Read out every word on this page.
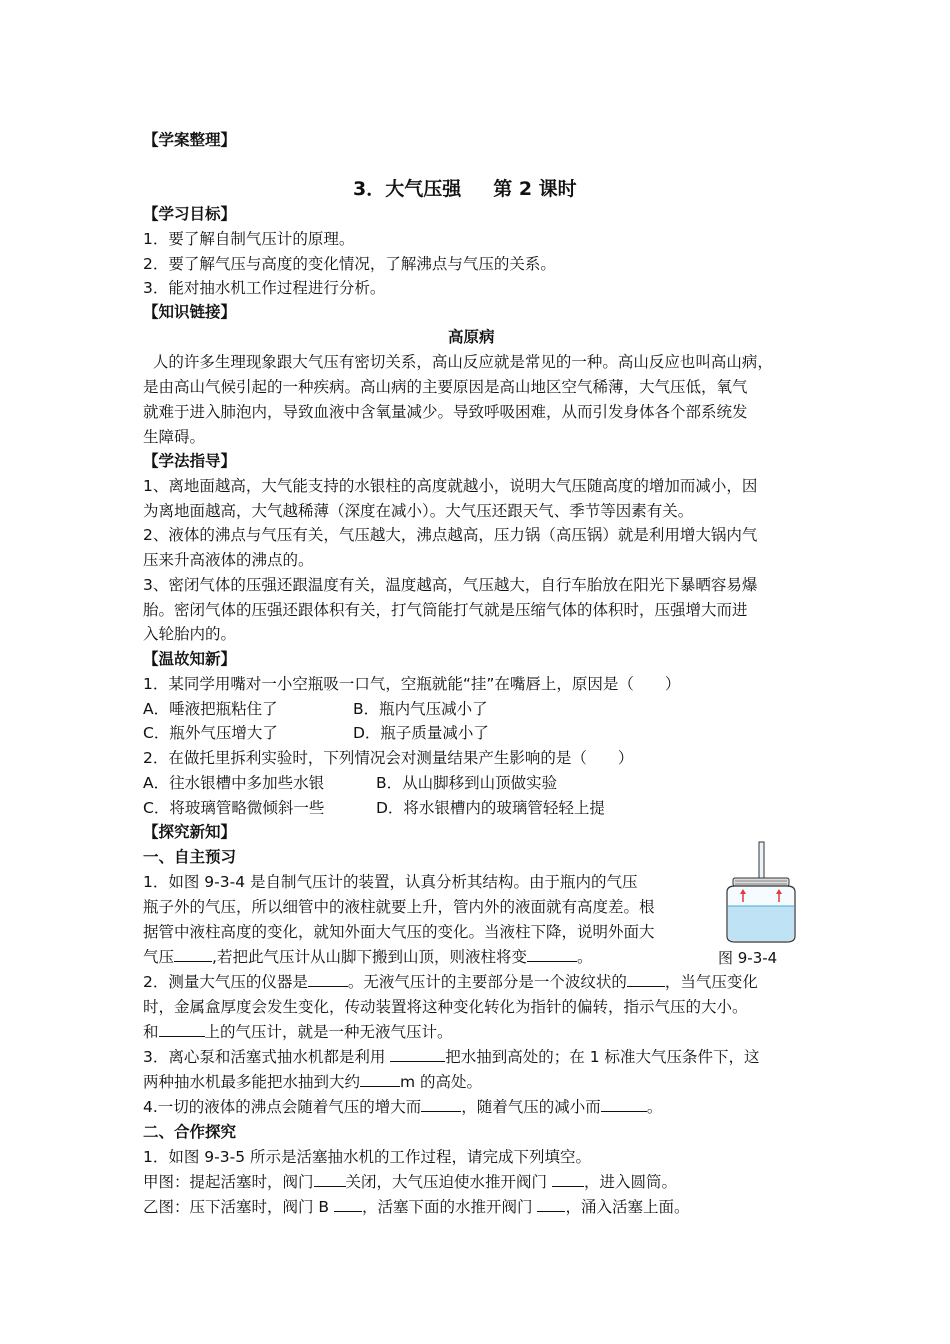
【学案整理】
3．大气压强 第 2 课时
【学习目标】
1．要了解自制气压计的原理。
2．要了解气压与高度的变化情况，了解沸点与气压的关系。
3．能对抽水机工作过程进行分析。
【知识链接】
高原病
人的许多生理现象跟大气压有密切关系，高山反应就是常见的一种。高山反应也叫高山病，
是由高山气候引起的一种疾病。高山病的主要原因是高山地区空气稀薄，大气压低，氧气
就难于进入肺泡内，导致血液中含氧量减少。导致呼吸困难，从而引发身体各个部系统发
生障碍。
【学法指导】
1、离地面越高，大气能支持的水银柱的高度就越小，说明大气压随高度的增加而减小，因
为离地面越高，大气越稀薄（深度在减小）。大气压还跟天气、季节等因素有关。
2、液体的沸点与气压有关，气压越大，沸点越高，压力锅（高压锅）就是利用增大锅内气
压来升高液体的沸点的。
3、密闭气体的压强还跟温度有关，温度越高，气压越大，自行车胎放在阳光下暴晒容易爆
胎。密闭气体的压强还跟体积有关，打气筒能打气就是压缩气体的体积时，压强增大而进
入轮胎内的。
【温故知新】
1．某同学用嘴对一小空瓶吸一口气，空瓶就能“挂”在嘴唇上，原因是（　　）
A．唾液把瓶粘住了	B．瓶内气压减小了
C．瓶外气压增大了	D．瓶子质量减小了
2．在做托里拆利实验时，下列情况会对测量结果产生影响的是（　　）
A．往水银槽中多加些水银	B．从山脚移到山顶做实验
C．将玻璃管略微倾斜一些	D．将水银槽内的玻璃管轻轻上提
【探究新知】
一、自主预习
1．如图 9-3-4 是自制气压计的装置，认真分析其结构。由于瓶内的气压
瓶子外的气压，所以细管中的液柱就要上升，管内外的液面就有高度差。根
据管中液柱高度的变化，就知外面大气压的变化。当液柱下降，说明外面大
气压 ,若把此气压计从山脚下搬到山顶，则液柱将变	。	图 9-3-4
2．测量大气压的仪器是	。无液气压计的主要部分是一个波纹状的 ，当气压变化
时，金属盒厚度会发生变化，传动装置将这种变化转化为指针的偏转，指示气压的大小。
和	上的气压计，就是一种无液气压计。
3．离心泵和活塞式抽水机都是利用	把水抽到高处的；在 1 标准大气压条件下，这
两种抽水机最多能把水抽到大约	m 的高处。
4.一切的液体的沸点会随着气压的增大而	，随着气压的减小而	。
二、合作探究
1．如图 9-3-5 所示是活塞抽水机的工作过程，请完成下列填空。
甲图：提起活塞时，阀门 关闭，大气压迫使水推开阀门 ，进入圆筒。
乙图：压下活塞时，阀门 B ，活塞下面的水推开阀门 ，涌入活塞上面。
